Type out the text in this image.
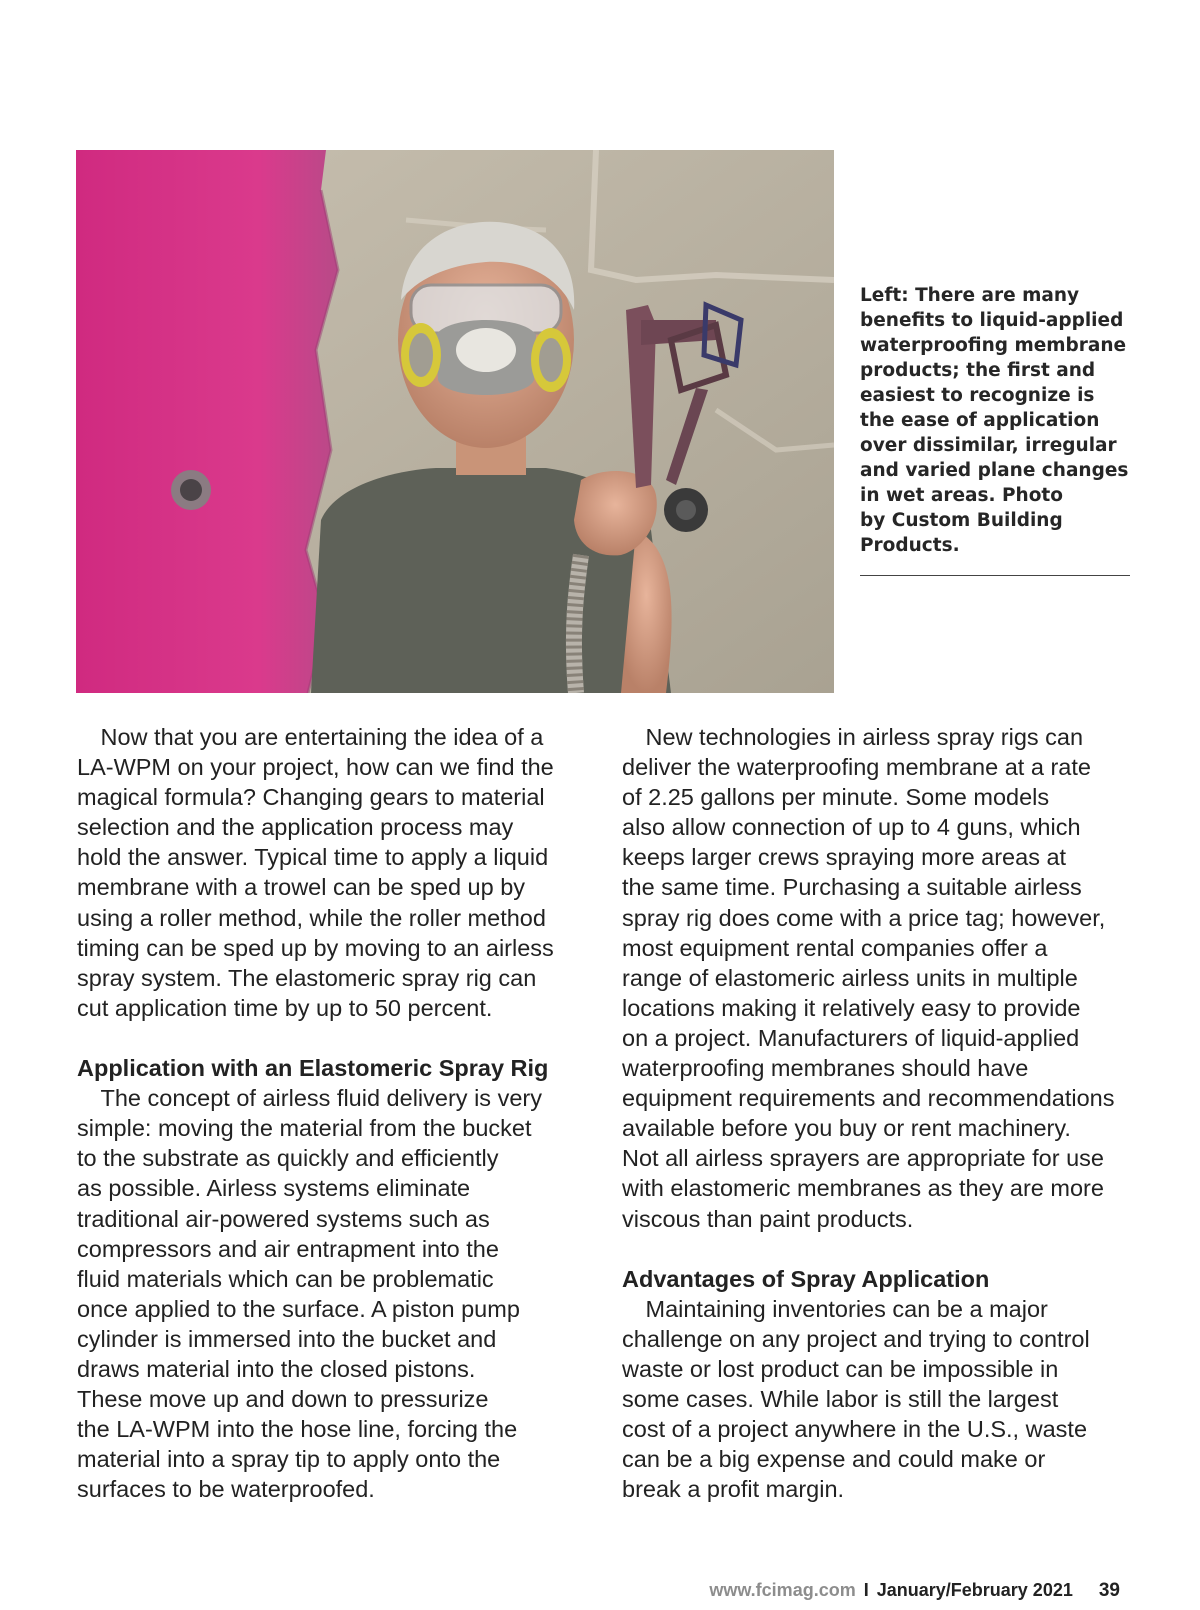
Left: There are many
benefits to liquid-applied
waterproofing membrane
products; the first and
easiest to recognize is
the ease of application
over dissimilar, irregular
and varied plane changes
in wet areas. Photo
by Custom Building
Products.

 Now that you are entertaining the idea of a
LA-WPM on your project, how can we find the
magical formula? Changing gears to material
selection and the application process may
hold the answer. Typical time to apply a liquid
membrane with a trowel can be sped up by
using a roller method, while the roller method
timing can be sped up by moving to an airless
spray system. The elastomeric spray rig can
cut application time by up to 50 percent.

Application with an Elastomeric Spray Rig

 The concept of airless fluid delivery is very
simple: moving the material from the bucket
to the substrate as quickly and efficiently
as possible. Airless systems eliminate
traditional air-powered systems such as
compressors and air entrapment into the
fluid materials which can be problematic
once applied to the surface. A piston pump
cylinder is immersed into the bucket and
draws material into the closed pistons.
These move up and down to pressurize
the LA-WPM into the hose line, forcing the
material into a spray tip to apply onto the
surfaces to be waterproofed.

 New technologies in airless spray rigs can
deliver the waterproofing membrane at a rate
of 2.25 gallons per minute. Some models
also allow connection of up to 4 guns, which
keeps larger crews spraying more areas at
the same time. Purchasing a suitable airless
spray rig does come with a price tag; however,
most equipment rental companies offer a
range of elastomeric airless units in multiple
locations making it relatively easy to provide
on a project. Manufacturers of liquid-applied
waterproofing membranes should have
equipment requirements and recommendations
available before you buy or rent machinery.
Not all airless sprayers are appropriate for use
with elastomeric membranes as they are more
viscous than paint products.

Advantages of Spray Application

 Maintaining inventories can be a major
challenge on any project and trying to control
waste or lost product can be impossible in
some cases. While labor is still the largest
cost of a project anywhere in the U.S., waste
can be a big expense and could make or
break a profit margin.

www.fcimag.com I January/February 2021 39
